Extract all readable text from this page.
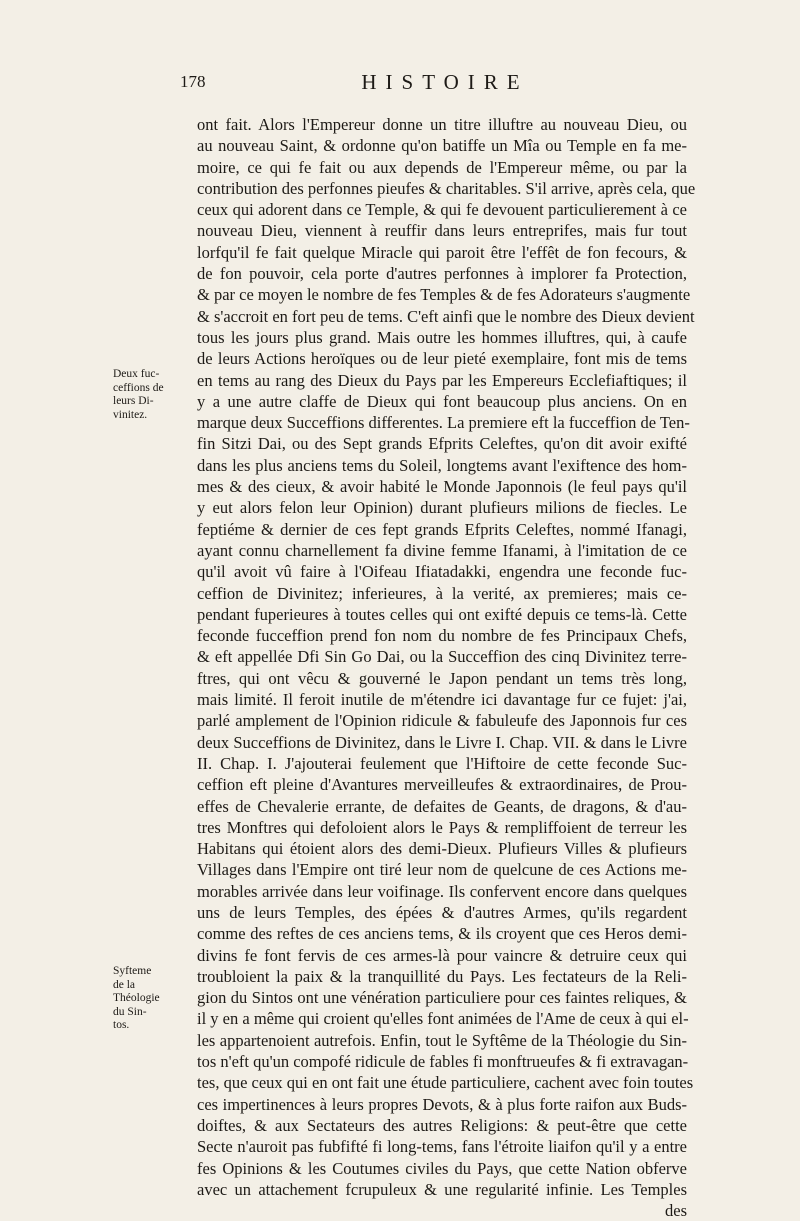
178	HISTOIRE
Deux fuc-
ceffions de
leurs Di-
vinitez.
Syfteme
de la
Théologie
du Sin-
tos.
ont fait. Alors l'Empereur donne un titre illuftre au nouveau Dieu, ou
au nouveau Saint, & ordonne qu'on batiffe un Mîa ou Temple en fa me-
moire, ce qui fe fait ou aux depends de l'Empereur même, ou par la
contribution des perfonnes pieufes & charitables. S'il arrive, après cela, que
ceux qui adorent dans ce Temple, & qui fe devouent particulierement à ce
nouveau Dieu, viennent à reuffir dans leurs entreprifes, mais fur tout
lorfqu'il fe fait quelque Miracle qui paroit être l'effêt de fon fecours, &
de fon pouvoir, cela porte d'autres perfonnes à implorer fa Protection,
& par ce moyen le nombre de fes Temples & de fes Adorateurs s'augmente
& s'accroit en fort peu de tems. C'eft ainfi que le nombre des Dieux devient
tous les jours plus grand. Mais outre les hommes illuftres, qui, à caufe
de leurs Actions heroïques ou de leur pieté exemplaire, font mis de tems
en tems au rang des Dieux du Pays par les Empereurs Ecclefiaftiques; il
y a une autre claffe de Dieux qui font beaucoup plus anciens. On en
marque deux Succeffions differentes. La premiere eft la fucceffion de Ten-
fin Sitzi Dai, ou des Sept grands Efprits Celeftes, qu'on dit avoir exifté
dans les plus anciens tems du Soleil, longtems avant l'exiftence des hom-
mes & des cieux, & avoir habité le Monde Japonnois (le feul pays qu'il
y eut alors felon leur Opinion) durant plufieurs milions de fiecles. Le
feptiéme & dernier de ces fept grands Efprits Celeftes, nommé Ifanagi,
ayant connu charnellement fa divine femme Ifanami, à l'imitation de ce
qu'il avoit vû faire à l'Oifeau Ifiatadakki, engendra une feconde fuc-
ceffion de Divinitez; inferieures, à la verité, ax premieres; mais ce-
pendant fuperieures à toutes celles qui ont exifté depuis ce tems-là. Cette
feconde fucceffion prend fon nom du nombre de fes Principaux Chefs,
& eft appellée Dfi Sin Go Dai, ou la Succeffion des cinq Divinitez terre-
ftres, qui ont vêcu & gouverné le Japon pendant un tems très long,
mais limité. Il feroit inutile de m'étendre ici davantage fur ce fujet: j'ai,
parlé amplement de l'Opinion ridicule & fabuleufe des Japonnois fur ces
deux Succeffions de Divinitez, dans le Livre I. Chap. VII. & dans le Livre
II. Chap. I. J'ajouterai feulement que l'Hiftoire de cette feconde Suc-
ceffion eft pleine d'Avantures merveilleufes & extraordinaires, de Prou-
effes de Chevalerie errante, de defaites de Geants, de dragons, & d'au-
tres Monftres qui defoloient alors le Pays & rempliffoient de terreur les
Habitans qui étoient alors des demi-Dieux. Plufieurs Villes & plufieurs
Villages dans l'Empire ont tiré leur nom de quelcune de ces Actions me-
morables arrivée dans leur voifinage. Ils confervent encore dans quelques
uns de leurs Temples, des épées & d'autres Armes, qu'ils regardent
comme des reftes de ces anciens tems, & ils croyent que ces Heros demi-
divins fe font fervis de ces armes-là pour vaincre & detruire ceux qui
troubloient la paix & la tranquillité du Pays. Les fectateurs de la Reli-
gion du Sintos ont une vénération particuliere pour ces faintes reliques, &
il y en a même qui croient qu'elles font animées de l'Ame de ceux à qui el-
les appartenoient autrefois. Enfin, tout le Syftême de la Théologie du Sin-
tos n'eft qu'un compofé ridicule de fables fi monftrueufes & fi extravagan-
tes, que ceux qui en ont fait une étude particuliere, cachent avec foin toutes
ces impertinences à leurs propres Devots, & à plus forte raifon aux Buds-
doiftes, & aux Sectateurs des autres Religions: & peut-être que cette
Secte n'auroit pas fubfifté fi long-tems, fans l'étroite liaifon qu'il y a entre
fes Opinions & les Coutumes civiles du Pays, que cette Nation obferve
avec un attachement fcrupuleux & une regularité infinie. Les Temples
des
